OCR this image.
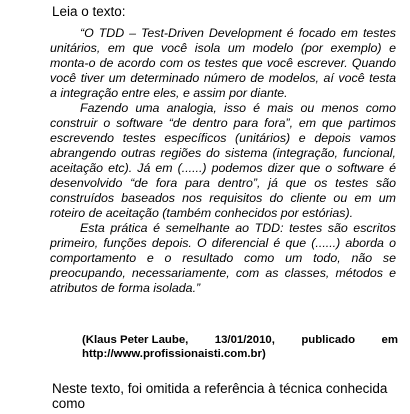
Leia o texto:

“O TDD – Test-Driven Development é focado em testes unitários, em que você isola um modelo (por exemplo) e monta-o de acordo com os testes que você escrever. Quando você tiver um determinado número de modelos, aí você testa a integração entre eles, e assim por diante.

Fazendo uma analogia, isso é mais ou menos como construir o software “de dentro para fora”, em que partimos escrevendo testes específicos (unitários) e depois vamos abrangendo outras regiões do sistema (integração, funcional, aceitação etc). Já em (......) podemos dizer que o software é desenvolvido “de fora para dentro”, já que os testes são construídos baseados nos requisitos do cliente ou em um roteiro de aceitação (também conhecidos por estórias).

Esta prática é semelhante ao TDD: testes são escritos primeiro, funções depois. O diferencial é que (......) aborda o comportamento e o resultado como um todo, não se preocupando, necessariamente, com as classes, métodos e atributos de forma isolada.”

(Klaus Peter Laube, 13/01/2010, publicado em
http://www.profissionaisti.com.br)
Neste texto, foi omitida a referência à técnica conhecida como
